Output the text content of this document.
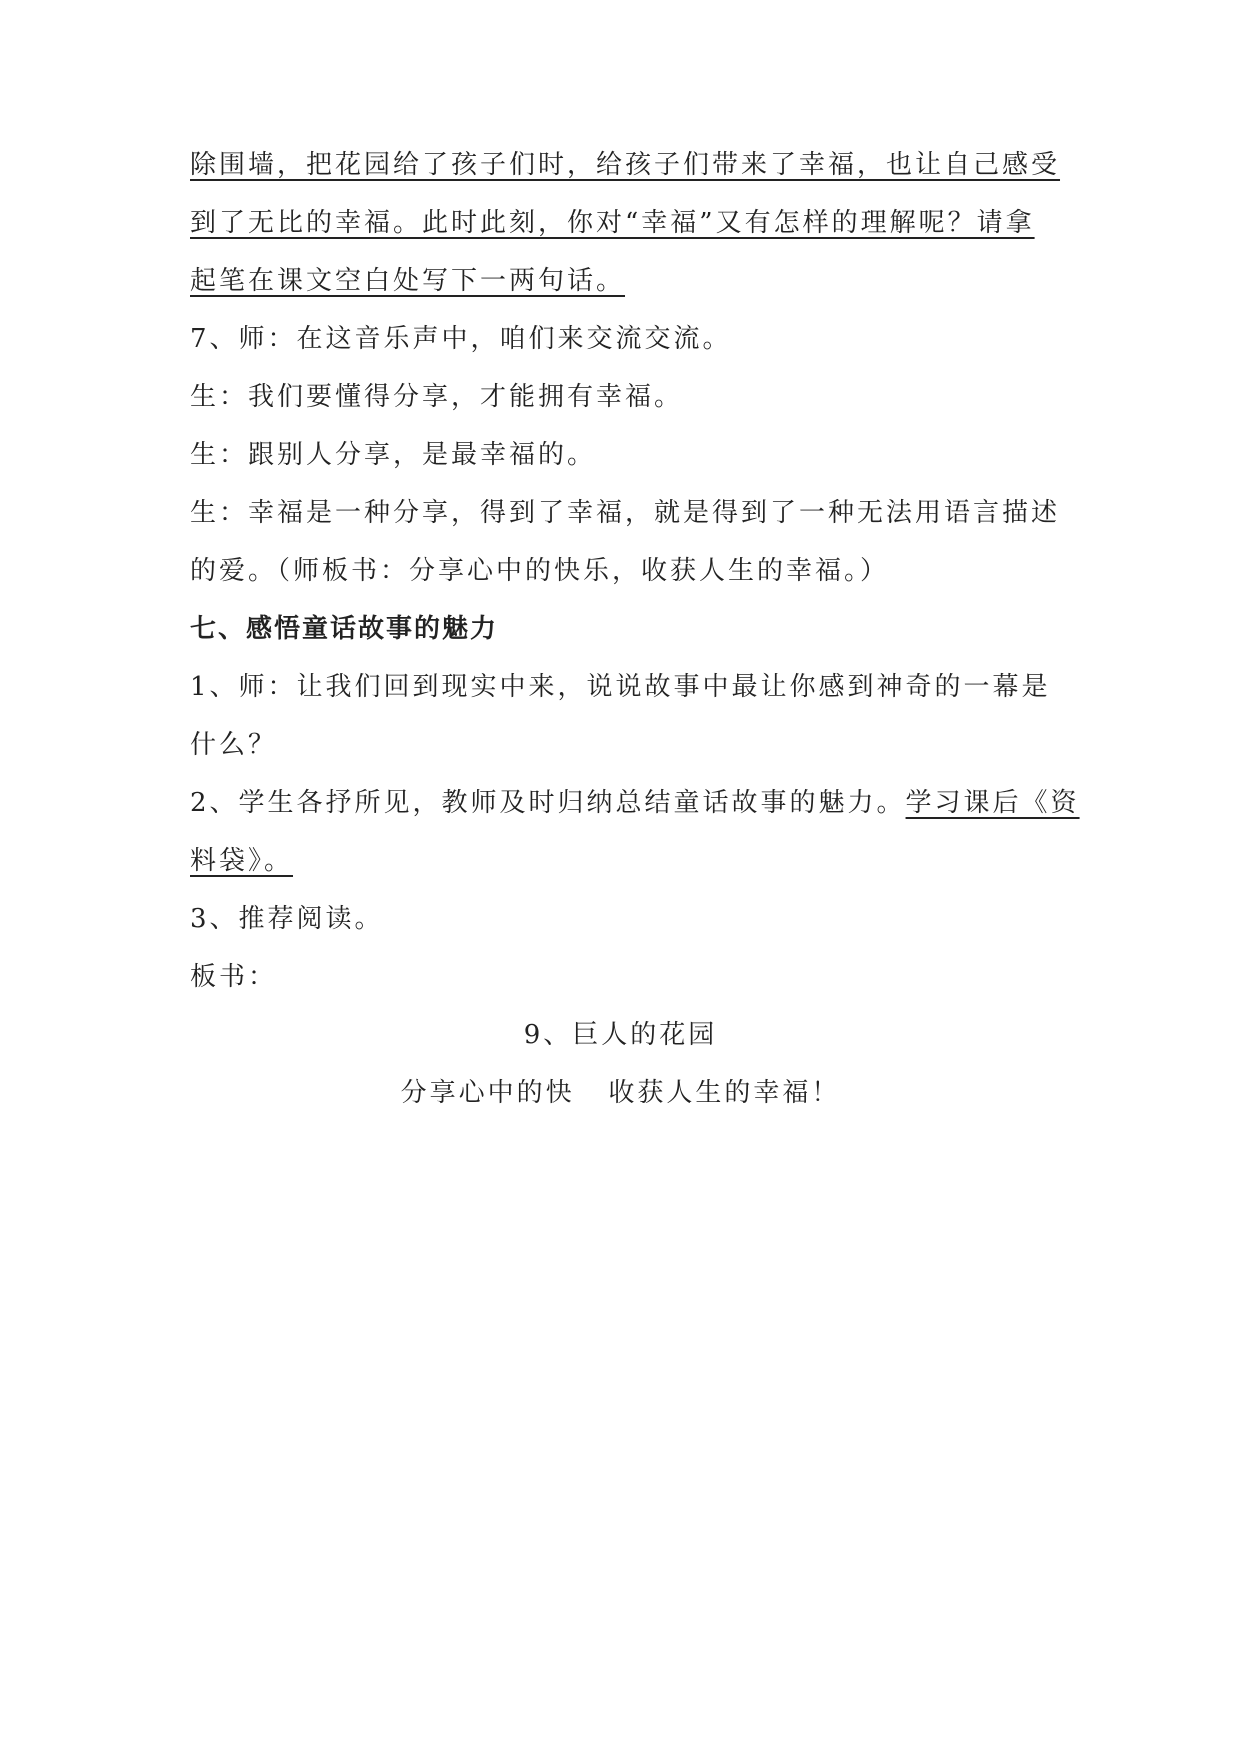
除围墙，把花园给了孩子们时，给孩子们带来了幸福，也让自己感受
到了无比的幸福。此时此刻，你对“幸福”又有怎样的理解呢？请拿
起笔在课文空白处写下一两句话。
7、师：在这音乐声中，咱们来交流交流。
生：我们要懂得分享，才能拥有幸福。
生：跟别人分享，是最幸福的。
生：幸福是一种分享，得到了幸福，就是得到了一种无法用语言描述
的爱。（师板书：分享心中的快乐，收获人生的幸福。）
七、感悟童话故事的魅力
1、师：让我们回到现实中来，说说故事中最让你感到神奇的一幕是
什么？
2、学生各抒所见，教师及时归纳总结童话故事的魅力。学习课后《资
料袋》。
3、推荐阅读。
板书：
9、巨人的花园
分享心中的快   收获人生的幸福！
